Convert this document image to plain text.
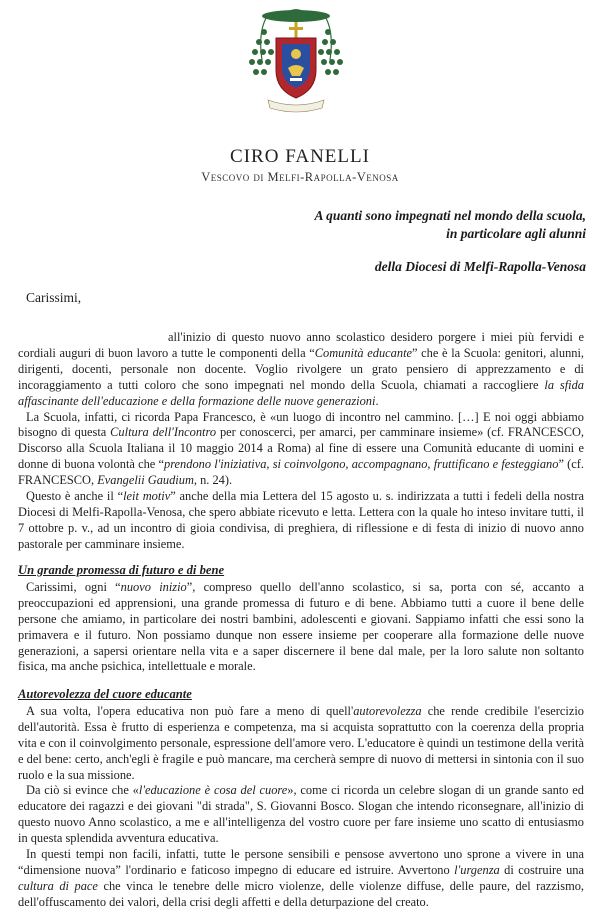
CIRO FANELLI
Vescovo di Melfi-Rapolla-Venosa
A quanti sono impegnati nel mondo della scuola,
in particolare agli alunni
della Diocesi di Melfi-Rapolla-Venosa
Carissimi,

all'inizio di questo nuovo anno scolastico desidero porgere i miei più fervidi e cordiali auguri di buon lavoro a tutte le componenti della “Comunità educante” che è la Scuola: genitori, alunni, dirigenti, docenti, personale non docente. Voglio rivolgere un grato pensiero di apprezzamento e di incoraggiamento a tutti coloro che sono impegnati nel mondo della Scuola, chiamati a raccogliere la sfida affascinante dell'educazione e della formazione delle nuove generazioni.

La Scuola, infatti, ci ricorda Papa Francesco, è «un luogo di incontro nel cammino. […] E noi oggi abbiamo bisogno di questa Cultura dell'Incontro per conoscerci, per amarci, per camminare insieme» (cf. FRANCESCO, Discorso alla Scuola Italiana il 10 maggio 2014 a Roma) al fine di essere una Comunità educante di uomini e donne di buona volontà che “prendono l'iniziativa, si coinvolgono, accompagnano, fruttificano e festeggiano” (cf. FRANCESCO, Evangelii Gaudium, n. 24).

Questo è anche il “leit motiv” anche della mia Lettera del 15 agosto u. s. indirizzata a tutti i fedeli della nostra Diocesi di Melfi-Rapolla-Venosa, che spero abbiate ricevuto e letta. Lettera con la quale ho inteso invitare tutti, il 7 ottobre p. v., ad un incontro di gioia condivisa, di preghiera, di riflessione e di festa di inizio di nuovo anno pastorale per camminare insieme.

Un grande promessa di futuro e di bene

Carissimi, ogni “nuovo inizio”, compreso quello dell'anno scolastico, si sa, porta con sé, accanto a preoccupazioni ed apprensioni, una grande promessa di futuro e di bene. Abbiamo tutti a cuore il bene delle persone che amiamo, in particolare dei nostri bambini, adolescenti e giovani. Sappiamo infatti che essi sono la primavera e il futuro. Non possiamo dunque non essere insieme per cooperare alla formazione delle nuove generazioni, a sapersi orientare nella vita e a saper discernere il bene dal male, per la loro salute non soltanto fisica, ma anche psichica, intellettuale e morale.

Autorevolezza del cuore educante

A sua volta, l'opera educativa non può fare a meno di quell'autorevolezza che rende credibile l'esercizio dell'autorità. Essa è frutto di esperienza e competenza, ma si acquista soprattutto con la coerenza della propria vita e con il coinvolgimento personale, espressione dell'amore vero. L'educatore è quindi un testimone della verità e del bene: certo, anch'egli è fragile e può mancare, ma cercherà sempre di nuovo di mettersi in sintonia con il suo ruolo e la sua missione.

Da ciò si evince che «l'educazione è cosa del cuore», come ci ricorda un celebre slogan di un grande santo ed educatore dei ragazzi e dei giovani "di strada", S. Giovanni Bosco. Slogan che intendo riconsegnare, all'inizio di questo nuovo Anno scolastico, a me e all'intelligenza del vostro cuore per fare insieme uno scatto di entusiasmo in questa splendida avventura educativa.

In questi tempi non facili, infatti, tutte le persone sensibili e pensose avvertono uno sprone a vivere in una “dimensione nuova” l'ordinario e faticoso impegno di educare ed istruire. Avvertono l'urgenza di costruire una cultura di pace che vinca le tenebre delle micro violenze, delle violenze diffuse, delle paure, del razzismo, dell'offuscamento dei valori, della crisi degli affetti e della deturpazione del creato.
